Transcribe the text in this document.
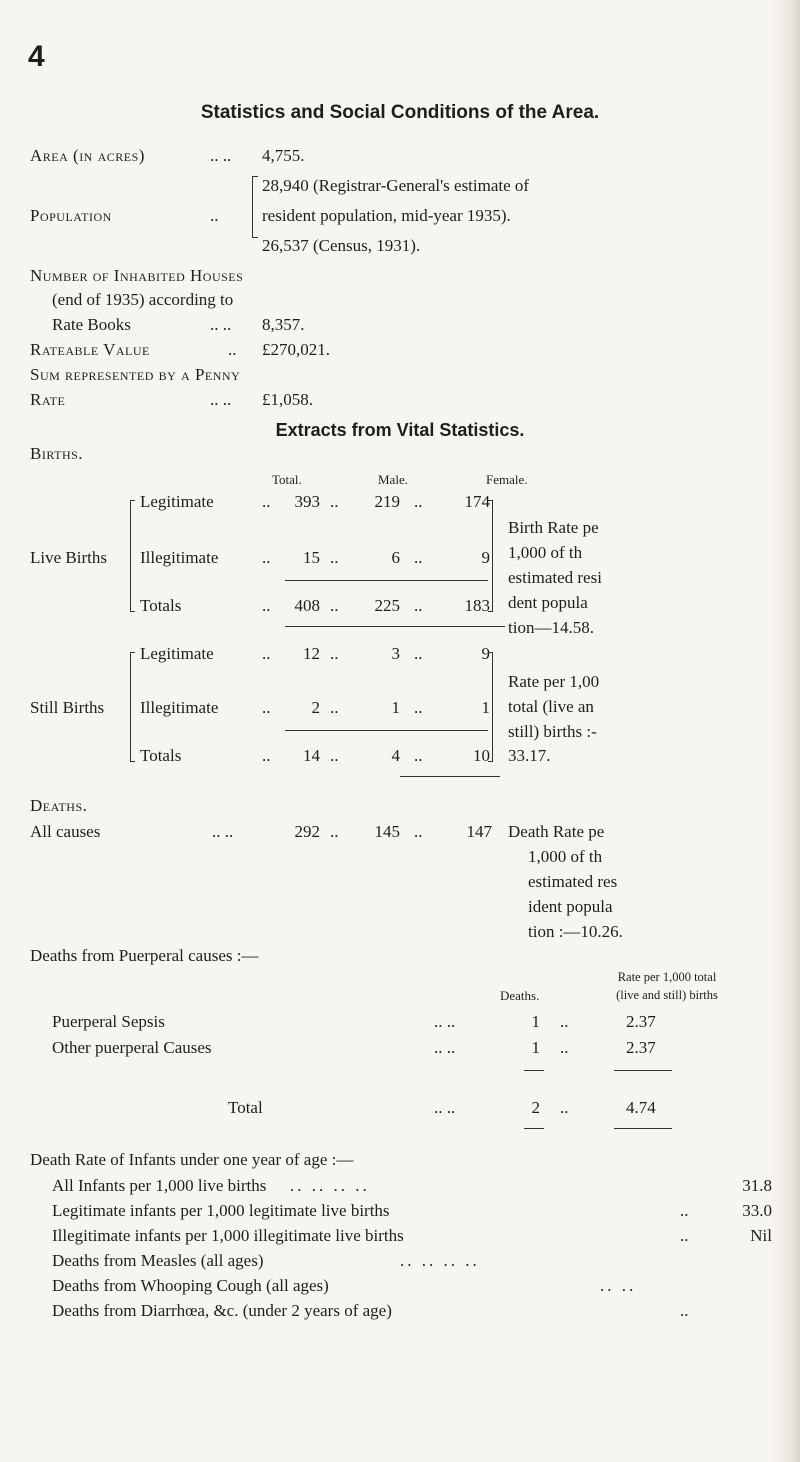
4
Statistics and Social Conditions of the Area.
Area (in acres)	.. .. 4,755.
Population	..
28,940 (Registrar-General's estimate of
resident population, mid-year 1935).
26,537 (Census, 1931).
Number of Inhabited Houses
(end of 1935) according to
Rate Books	.. .. 8,357.
Rateable Value	.. £270,021.
Sum represented by a Penny
Rate	.. .. £1,058.
Extracts from Vital Statistics.
Births.
Total.	Male.	Female.
Live Births
Legitimate	..	393 ..	219 ..	174
Illegitimate	..	15 ..	6 ..	9
Totals	..	408 ..	225 ..	183
Birth Rate pe
1,000 of th
estimated resi
dent popula
tion—14.58.
Still Births
Legitimate	..	12 ..	3 ..	9
Illegitimate	..	2 ..	1 ..	1
Totals	..	14 ..	4 ..	10
Rate per 1,00
total (live an
still) births :-
33.17.
Deaths.
All causes	.. ..	292 ..	145 ..	147 Death Rate pe
1,000 of th
estimated res
ident popula
tion :—10.26.
Deaths from Puerperal causes :—
Rate per 1,000 total
Deaths.	(live and still) births
Puerperal Sepsis	.. ..	1 ..	2.37
Other puerperal Causes	.. ..	1 ..	2.37
Total	.. ..	2 ..	4.74
Death Rate of Infants under one year of age :—
All Infants per 1,000 live births .. .. .. ..	31.8
Legitimate infants per 1,000 legitimate live births	..	33.0
Illegitimate infants per 1,000 illegitimate live births	..	Nil
Deaths from Measles (all ages)	.. .. .. ..
Deaths from Whooping Cough (all ages)	.. ..
Deaths from Diarrhœa, &c. (under 2 years of age)	..
